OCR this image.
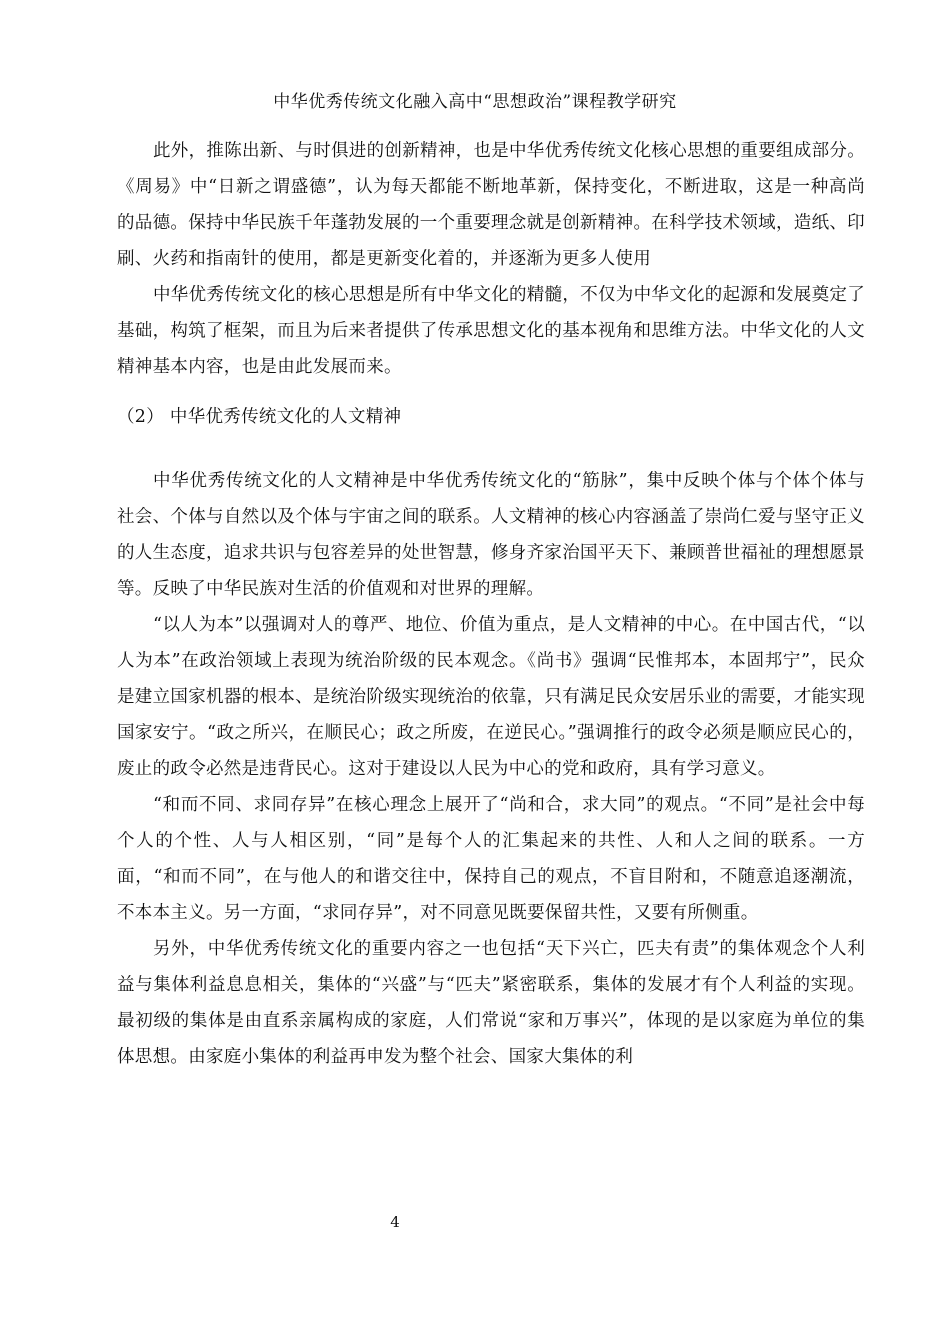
中华优秀传统文化融入高中“思想政治”课程教学研究

此外，推陈出新、与时俱进的创新精神，也是中华优秀传统文化核心思想的重要组成部分。《周易》中“日新之谓盛德”，认为每天都能不断地革新，保持变化，不断进取，这是一种高尚的品德。保持中华民族千年蓬勃发展的一个重要理念就是创新精神。在科学技术领域，造纸、印刷、火药和指南针的使用，都是更新变化着的，并逐渐为更多人使用

中华优秀传统文化的核心思想是所有中华文化的精髓，不仅为中华文化的起源和发展奠定了基础，构筑了框架，而且为后来者提供了传承思想文化的基本视角和思维方法。中华文化的人文精神基本内容，也是由此发展而来。

（2） 中华优秀传统文化的人文精神

中华优秀传统文化的人文精神是中华优秀传统文化的“筋脉”，集中反映个体与个体个体与社会、个体与自然以及个体与宇宙之间的联系。人文精神的核心内容涵盖了崇尚仁爱与坚守正义的人生态度，追求共识与包容差异的处世智慧，修身齐家治国平天下、兼顾普世福祉的理想愿景等。反映了中华民族对生活的价值观和对世界的理解。

“以人为本”以强调对人的尊严、地位、价值为重点，是人文精神的中心。在中国古代，“以人为本”在政治领域上表现为统治阶级的民本观念。《尚书》强调“民惟邦本，本固邦宁”，民众是建立国家机器的根本、是统治阶级实现统治的依靠，只有满足民众安居乐业的需要，才能实现国家安宁。“政之所兴，在顺民心；政之所废，在逆民心。”强调推行的政令必须是顺应民心的，废止的政令必然是违背民心。这对于建设以人民为中心的党和政府，具有学习意义。

“和而不同、求同存异”在核心理念上展开了“尚和合，求大同”的观点。“不同”是社会中每个人的个性、人与人相区别，“同”是每个人的汇集起来的共性、人和人之间的联系。一方面，“和而不同”，在与他人的和谐交往中，保持自己的观点，不盲目附和，不随意追逐潮流，不本本主义。另一方面，“求同存异”，对不同意见既要保留共性，又要有所侧重。

另外，中华优秀传统文化的重要内容之一也包括“天下兴亡，匹夫有责”的集体观念个人利益与集体利益息息相关，集体的“兴盛”与“匹夫”紧密联系，集体的发展才有个人利益的实现。最初级的集体是由直系亲属构成的家庭，人们常说“家和万事兴”，体现的是以家庭为单位的集体思想。由家庭小集体的利益再申发为整个社会、国家大集体的利

4
